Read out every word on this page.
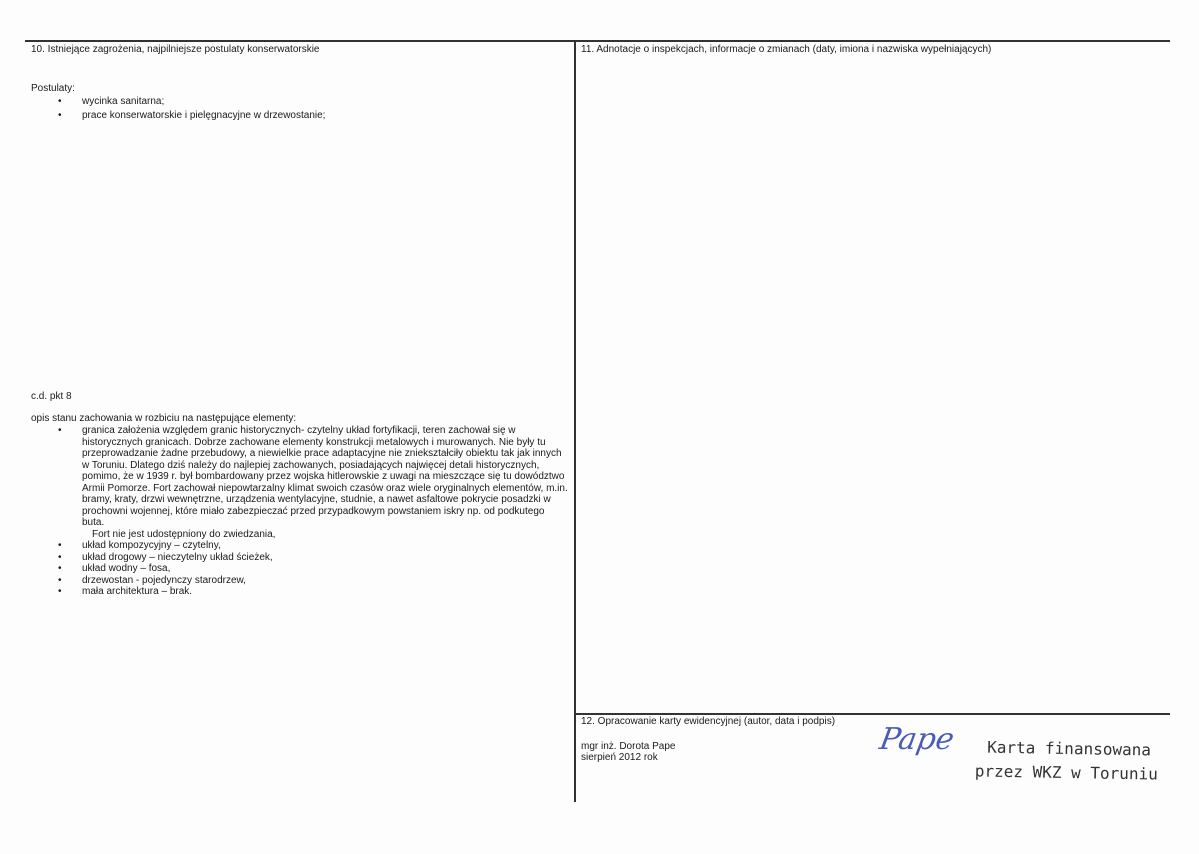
10. Istniejące zagrożenia, najpilniejsze postulaty konserwatorskie
Postulaty:
• wycinka sanitarna;
• prace konserwatorskie i pielęgnacyjne w drzewostanie;
c.d. pkt 8
opis stanu zachowania w rozbiciu na następujące elementy:
• granica założenia względem granic historycznych- czytelny układ fortyfikacji, teren zachował się w historycznych granicach. Dobrze zachowane elementy konstrukcji metalowych i murowanych. Nie były tu przeprowadzanie żadne przebudowy, a niewielkie prace adaptacyjne nie zniekształciły obiektu tak jak innych w Toruniu. Dlatego dziś należy do najlepiej zachowanych, posiadających najwięcej detali historycznych, pomimo, że w 1939 r. był bombardowany przez wojska hitlerowskie z uwagi na mieszczące się tu dowództwo Armii Pomorze. Fort zachował niepowtarzalny klimat swoich czasów oraz wiele oryginalnych elementów, m.in. bramy, kraty, drzwi wewnętrzne, urządzenia wentylacyjne, studnie, a nawet asfaltowe pokrycie posadzki w prochowni wojennej, które miało zabezpieczać przed przypadkowym powstaniem iskry np. od podkutego buta.
Fort nie jest udostępniony do zwiedzania,
• układ kompozycyjny – czytelny,
• układ drogowy – nieczytelny układ ścieżek,
• układ wodny – fosa,
• drzewostan - pojedynczy starodrzew,
• mała architektura – brak.
11. Adnotacje o inspekcjach, informacje o zmianach (daty, imiona i nazwiska wypełniających)
12. Opracowanie karty ewidencyjnej (autor, data i podpis)
mgr inż. Dorota Pape
sierpień 2012 rok
Pape	Karta finansowana
przez WKZ w Toruniu
